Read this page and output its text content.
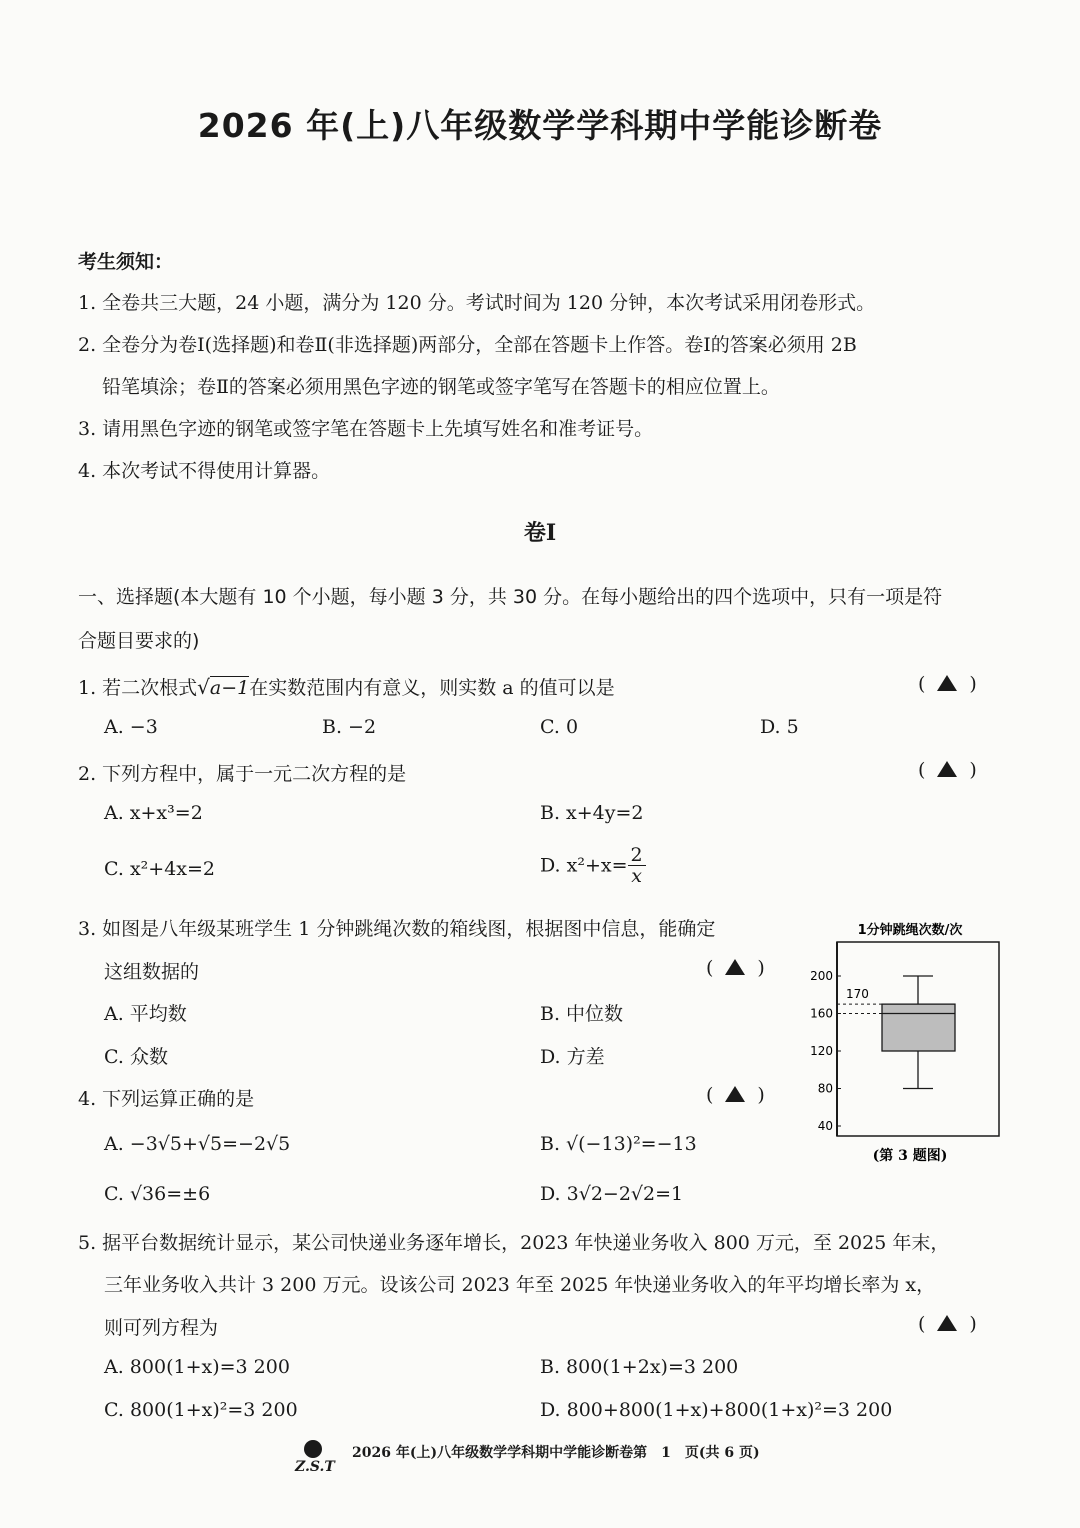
2026 年(上)八年级数学学科期中学能诊断卷
考生须知：
1. 全卷共三大题，24 小题，满分为 120 分。考试时间为 120 分钟，本次考试采用闭卷形式。
2. 全卷分为卷Ⅰ(选择题)和卷Ⅱ(非选择题)两部分，全部在答题卡上作答。卷Ⅰ的答案必须用 2B
铅笔填涂；卷Ⅱ的答案必须用黑色字迹的钢笔或签字笔写在答题卡的相应位置上。
3. 请用黑色字迹的钢笔或签字笔在答题卡上先填写姓名和准考证号。
4. 本次考试不得使用计算器。
卷Ⅰ
一、选择题(本大题有 10 个小题，每小题 3 分，共 30 分。在每小题给出的四个选项中，只有一项是符
合题目要求的)
1. 若二次根式√a−1在实数范围内有意义，则实数 a 的值可以是	( )
A. −3	B. −2	C. 0	D. 5
2. 下列方程中，属于一元二次方程的是	( )
A. x+x³=2	B. x+4y=2
C. x²+4x=2	D. $x^2+x= \frac{2}{x}$
3. 如图是八年级某班学生 1 分钟跳绳次数的箱线图，根据图中信息，能确定
这组数据的	( )
A. 平均数	B. 中位数
C. 众数	D. 方差
1分钟跳绳次数/次
40
80
120
160
200
170
(第 3 题图)
4. 下列运算正确的是	( )
A. −3√5+√5=−2√5	B. √(−13)²=−13
C. √36=±6	D. 3√2−2√2=1
5. 据平台数据统计显示，某公司快递业务逐年增长，2023 年快递业务收入 800 万元，至 2025 年末，
三年业务收入共计 3 200 万元。设该公司 2023 年至 2025 年快递业务收入的年平均增长率为 x，
则可列方程为	( )
A. 800(1+x)=3 200	B. 800(1+2x)=3 200
C. 800(1+x)²=3 200	D. 800+800(1+x)+800(1+x)²=3 200
Z.S.T
2026 年(上)八年级数学学科期中学能诊断卷第　1　页(共 6 页)
